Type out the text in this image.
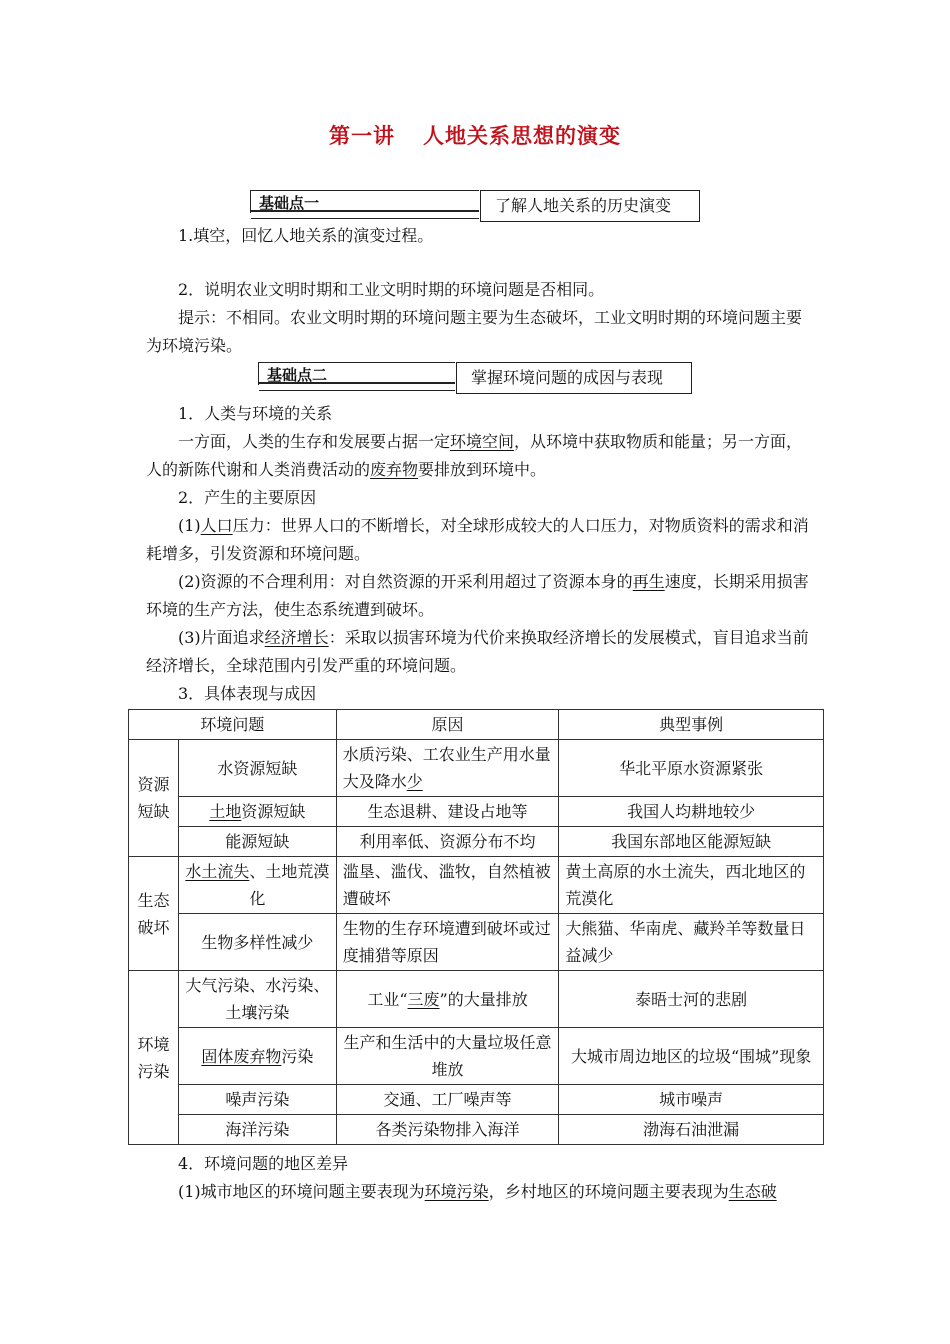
第一讲 人地关系思想的演变
基础点一	了解人地关系的历史演变
1.填空，回忆人地关系的演变过程。
2．说明农业文明时期和工业文明时期的环境问题是否相同。
提示：不相同。农业文明时期的环境问题主要为生态破坏，工业文明时期的环境问题主要为环境污染。
基础点二	掌握环境问题的成因与表现
1．人类与环境的关系
一方面，人类的生存和发展要占据一定环境空间，从环境中获取物质和能量；另一方面，人的新陈代谢和人类消费活动的废弃物要排放到环境中。
2．产生的主要原因
(1)人口压力：世界人口的不断增长，对全球形成较大的人口压力，对物质资料的需求和消耗增多，引发资源和环境问题。
(2)资源的不合理利用：对自然资源的开采利用超过了资源本身的再生速度，长期采用损害环境的生产方法，使生态系统遭到破坏。
(3)片面追求经济增长：采取以损害环境为代价来换取经济增长的发展模式，盲目追求当前经济增长，全球范围内引发严重的环境问题。
3．具体表现与成因
环境问题		原因	典型事例
资源短缺	水资源短缺	水质污染、工农业生产用水量大及降水少	华北平原水资源紧张
	土地资源短缺	生态退耕、建设占地等	我国人均耕地较少
	能源短缺	利用率低、资源分布不均	我国东部地区能源短缺
生态破坏	水土流失、土地荒漠化	滥垦、滥伐、滥牧，自然植被遭破坏	黄土高原的水土流失，西北地区的荒漠化
	生物多样性减少	生物的生存环境遭到破坏或过度捕猎等原因	大熊猫、华南虎、藏羚羊等数量日益减少
环境污染	大气污染、水污染、土壤污染	工业“三废”的大量排放	泰晤士河的悲剧
	固体废弃物污染	生产和生活中的大量垃圾任意堆放	大城市周边地区的垃圾“围城”现象
	噪声污染	交通、工厂噪声等	城市噪声
	海洋污染	各类污染物排入海洋	渤海石油泄漏
4．环境问题的地区差异
(1)城市地区的环境问题主要表现为环境污染，乡村地区的环境问题主要表现为生态破
